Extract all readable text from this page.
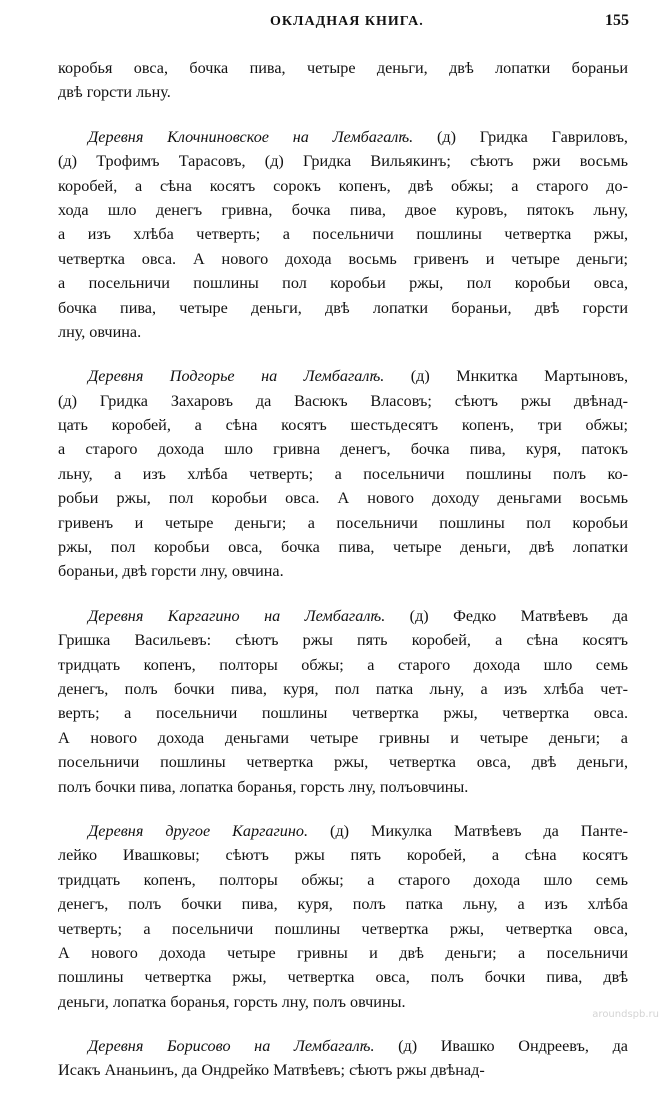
ОКЛАДНАЯ КНИГА.	155
коробья овса, бочка пива, четыре деньги, двѣ лопатки бораньи
двѣ горсти льну.
Деревня Клочниновское на Лембагалѣ. (д) Гридка Гавриловъ,
(д) Трофимъ Тарасовъ, (д) Гридка Вильякинъ; сѣютъ ржи восьмь
коробей, а сѣна косятъ сорокъ копенъ, двѣ обжы; а старого до-
хода шло денегъ гривна, бочка пива, двое куровъ, пятокъ льну,
а изъ хлѣба четверть; а посельничи пошлины четвертка ржы,
четвертка овса. А нового дохода восьмь гривенъ и четыре деньги;
а посельничи пошлины пол коробьи ржы, пол коробьи овса,
бочка пива, четыре деньги, двѣ лопатки бораньи, двѣ горсти
лну, овчина.
Деревня Подгорье на Лембагалѣ. (д) Мнкитка Мартыновъ,
(д) Гридка Захаровъ да Васюкъ Власовъ; сѣютъ ржы двѣнад-
цать коробей, а сѣна косятъ шестьдесятъ копенъ, три обжы;
а старого дохода шло гривна денегъ, бочка пива, куря, патокъ
льну, а изъ хлѣба четверть; а посельничи пошлины полъ ко-
робьи ржы, пол коробьи овса. А нового доходу деньгами восьмь
гривенъ и четыре деньги; а посельничи пошлины пол коробьи
ржы, пол коробьи овса, бочка пива, четыре деньги, двѣ лопатки
бораньи, двѣ горсти лну, овчина.
Деревня Каргагино на Лембагалѣ. (д) Федко Матвѣевъ да
Гришка Васильевъ: сѣютъ ржы пять коробей, а сѣна косятъ
тридцать копенъ, полторы обжы; а старого дохода шло семь
денегъ, полъ бочки пива, куря, пол патка льну, а изъ хлѣба чет-
верть; а посельничи пошлины четвертка ржы, четвертка овса.
А нового дохода деньгами четыре гривны и четыре деньги; а
посельничи пошлины четвертка ржы, четвертка овса, двѣ деньги,
полъ бочки пива, лопатка боранья, горсть лну, полъовчины.
Деревня другое Каргагино. (д) Микулка Матвѣевъ да Панте-
лейко Ивашковы; сѣютъ ржы пять коробей, а сѣна косятъ
тридцать копенъ, полторы обжы; а старого дохода шло семь
денегъ, полъ бочки пива, куря, полъ патка льну, а изъ хлѣба
четверть; а посельничи пошлины четвертка ржы, четвертка овса,
А нового дохода четыре гривны и двѣ деньги; а посельничи
пошлины четвертка ржы, четвертка овса, полъ бочки пива, двѣ
деньги, лопатка боранья, горсть лну, полъ овчины.
Деревня Борисово на Лембагалѣ. (д) Ивашко Ондреевъ, да
Исакъ Ананьинъ, да Ондрейко Матвѣевъ; сѣютъ ржы двѣнад-
aroundspb.ru
